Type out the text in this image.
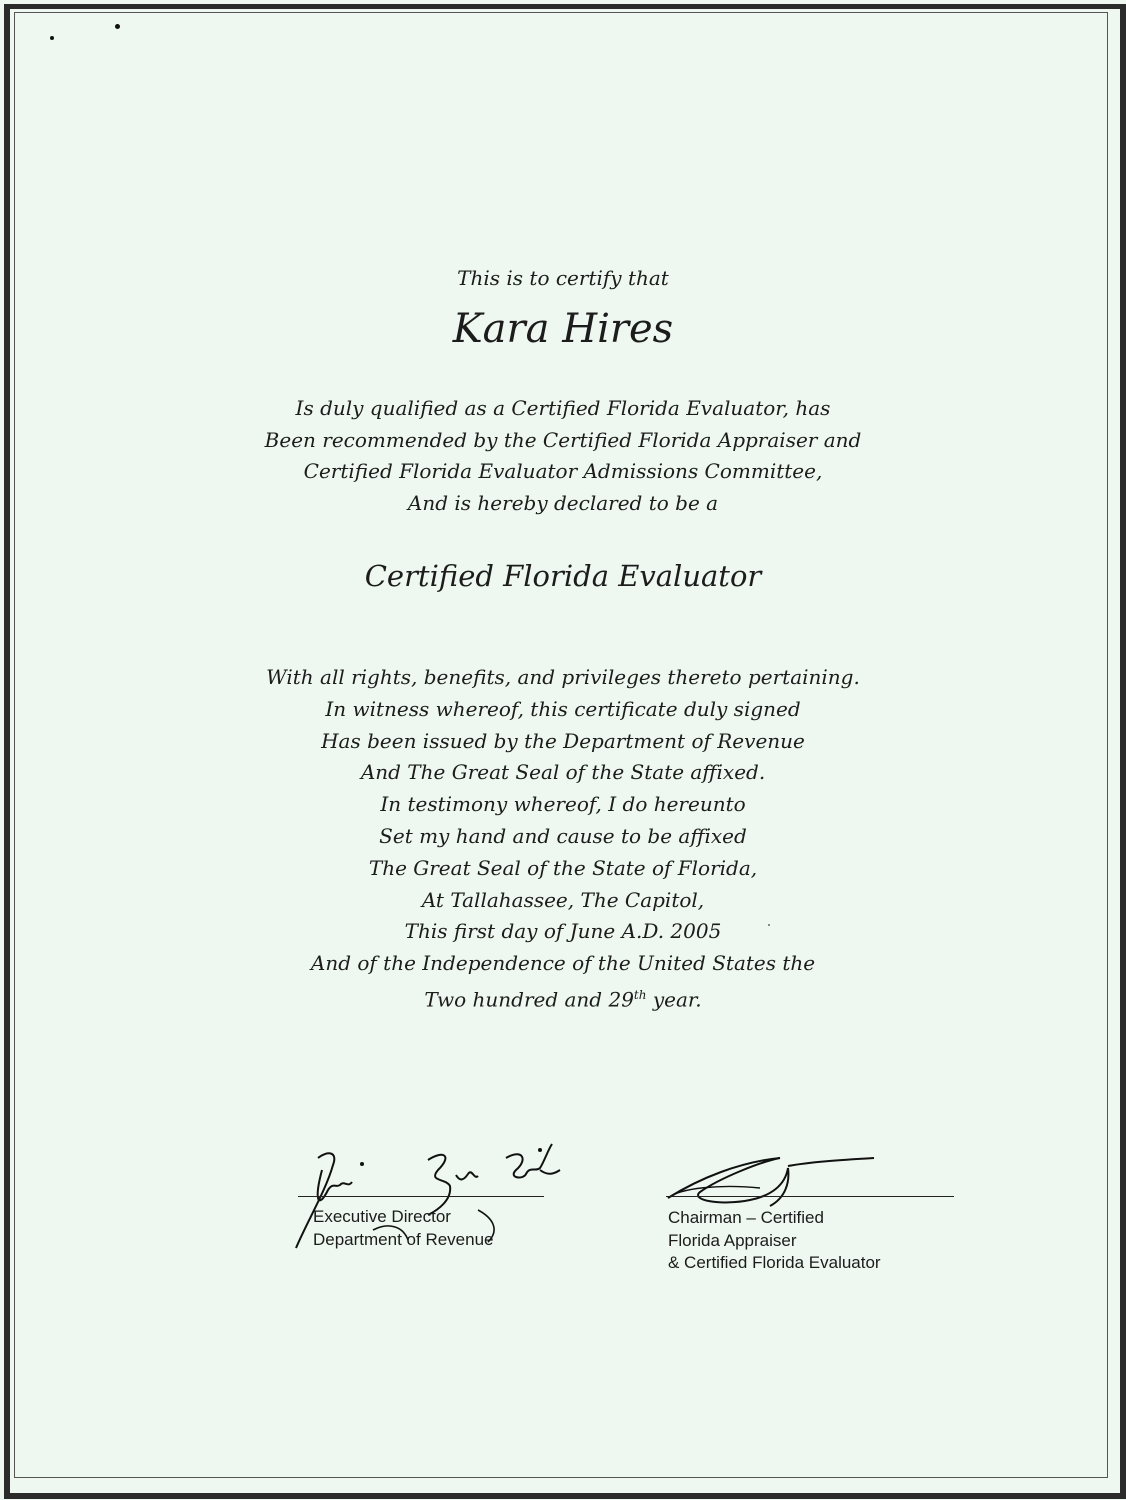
This is to certify that
Kara Hires
Is duly qualified as a Certified Florida Evaluator, has
Been recommended by the Certified Florida Appraiser and
Certified Florida Evaluator Admissions Committee,
And is hereby declared to be a
Certified Florida Evaluator
With all rights, benefits, and privileges thereto pertaining.
In witness whereof, this certificate duly signed
Has been issued by the Department of Revenue
And The Great Seal of the State affixed.
In testimony whereof, I do hereunto
Set my hand and cause to be affixed
The Great Seal of the State of Florida,
At Tallahassee, The Capitol,
This first day of June A.D. 2005
And of the Independence of the United States the
Two hundred and 29th year.
Executive Director
Department of Revenue
Chairman – Certified
Florida Appraiser
& Certified Florida Evaluator
